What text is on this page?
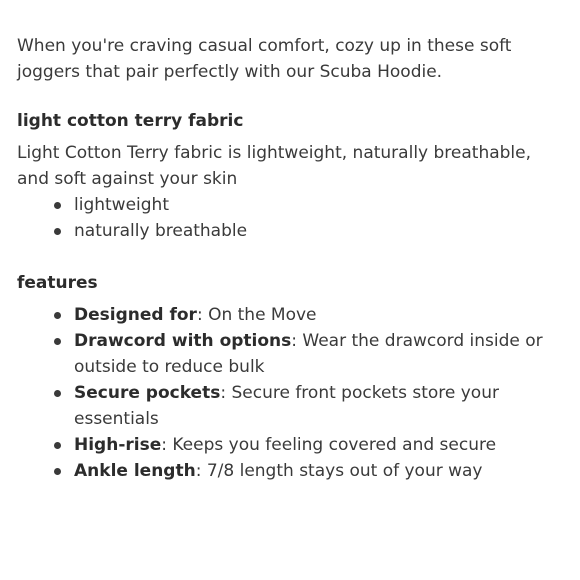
When you're craving casual comfort, cozy up in these soft joggers that pair perfectly with our Scuba Hoodie.

light cotton terry fabric

Light Cotton Terry fabric is lightweight, naturally breathable, and soft against your skin

lightweight
naturally breathable
features
Designed for: On the Move
Drawcord with options: Wear the drawcord inside or outside to reduce bulk
Secure pockets: Secure front pockets store your essentials
High-rise: Keeps you feeling covered and secure
Ankle length: 7/8 length stays out of your way
